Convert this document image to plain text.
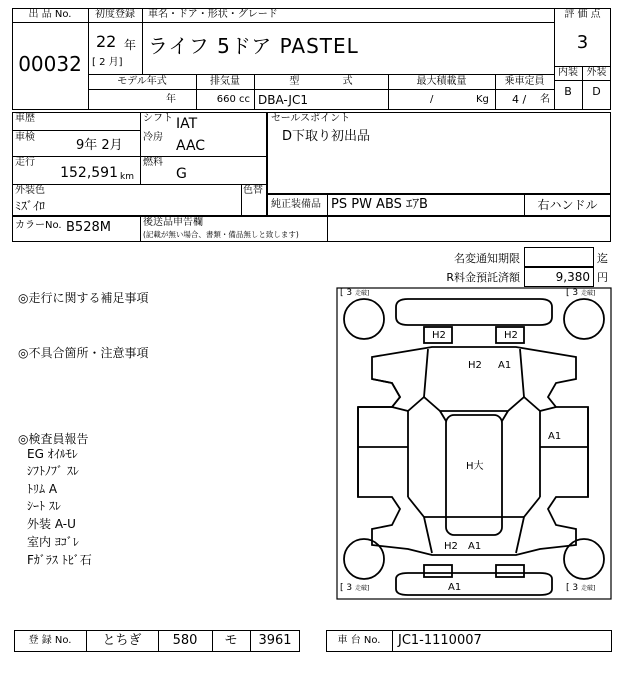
出 品 No.
00032
初度登録
22 年
[ 2 月]
車名・ドア・形状・グレード
ライフ 5ドア PASTEL
評 価 点
3
内装 外装
B	D
モデル年式	排気量	型 式	最大積載量	乗車定員
年	660 cc DBA-JC1	/	Kg 4 / 名
車歴	シフト IAT
車検
9年 2月
冷房
AAC
走行
152,591 km
燃料
G
外装色
ﾐｽﾞｲﾛ
色替
セールスポイント
D下取り初出品
純正装備品 PS PW ABS ｴｱB	右ハンドル
カラーNo. B528M	後送品申告欄
(記載が無い場合、書類・備品無しと致します)
名変通知期限	迄
R料金預託済額	9,380 円
◎走行に関する補足事項
◎不具合箇所・注意事項
◎検査員報告
EG ｵｲﾙﾓﾚ
ｼﾌﾄﾉﾌﾞ ｽﾚ
ﾄﾘﾑ A
ｼｰﾄ ｽﾚ
外装 A-U
室内 ﾖｺﾞﾚ
Fｶﾞﾗｽ ﾄﾋﾞ石
[ 3 走破]	[ 3 走破]
[ 3 走破]	[ 3 走破]
H2	H2
H2 A1
A1
H大
H2 A1
A1
登 録 No.	とちぎ	580	モ	3961	車 台 No.	JC1-1110007
